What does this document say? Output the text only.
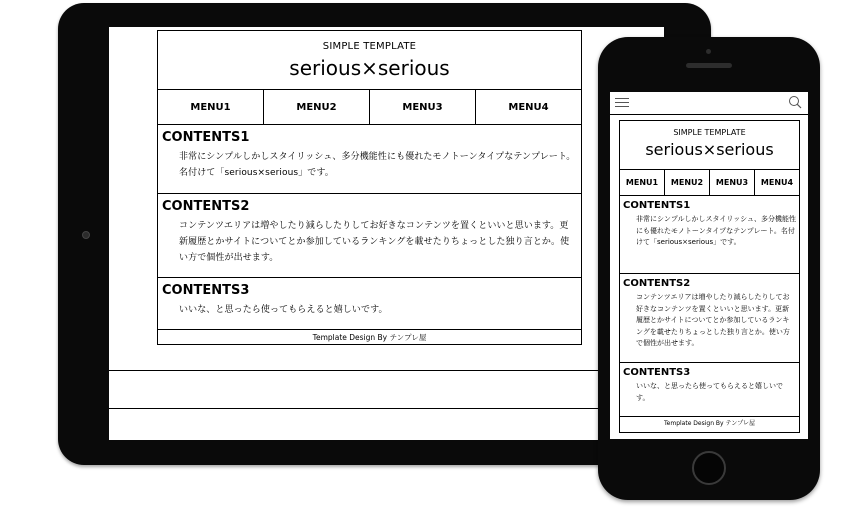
SIMPLE TEMPLATE
serious×serious
MENU1	MENU2	MENU3	MENU4
CONTENTS1

非常にシンプルしかしスタイリッシュ、多分機能性にも優れたモノトーンタイプなテンプレート。名付けて「serious×serious」です。

CONTENTS2

コンテンツエリアは増やしたり減らしたりしてお好きなコンテンツを置くといいと思います。更新履歴とかサイトについてとか参加しているランキングを載せたりちょっとした独り言とか。使い方で個性が出せます。

CONTENTS3

いいな、と思ったら使ってもらえると嬉しいです。

Template Design By テンプレ屋
SIMPLE TEMPLATE
serious×serious
MENU1	MENU2	MENU3	MENU4
CONTENTS1

非常にシンプルしかしスタイリッシュ、多分機能性にも優れたモノトーンタイプなテンプレート。名付けて「serious×serious」です。

CONTENTS2

コンテンツエリアは増やしたり減らしたりしてお好きなコンテンツを置くといいと思います。更新履歴とかサイトについてとか参加しているランキングを載せたりちょっとした独り言とか。使い方で個性が出せます。

CONTENTS3

いいな、と思ったら使ってもらえると嬉しいです。

Template Design By テンプレ屋
